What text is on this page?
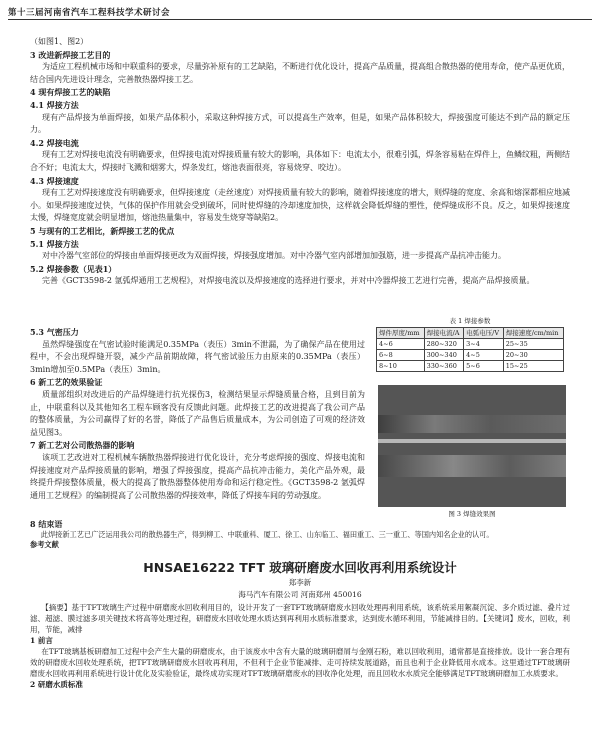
第十三届河南省汽车工程科技学术研讨会

（如图1、图2）

3 改进新焊接工艺目的

为适应工程机械市场和中联重科的要求，尽量弥补原有的工艺缺陷，不断进行优化设计，提高产品质量，提高组合散热器的使用寿命，使产品更优质，结合国内先进设计理念，完善散热器焊接工艺。

4 现有焊接工艺的缺陷

4.1 焊接方法

现有产品焊接为单面焊接，如果产品体积小，采取这种焊接方式，可以提高生产效率，但是，如果产品体积较大，焊接强度可能达不到产品的额定压力。

4.2 焊接电流

现有工艺对焊接电流没有明确要求，但焊接电流对焊接质量有较大的影响，具体如下：电流太小，很难引弧，焊条容易粘在焊件上，鱼鳞纹粗，两侧结合不好；电流太大，焊接时飞溅和烟雾大，焊条发红，熔池表面很亮，容易烧穿、咬边）。

4.3 焊接速度

现有工艺对焊接速度没有明确要求，但焊接速度（走丝速度）对焊接质量有较大的影响，随着焊接速度的增大，则焊缝的宽度、余高和熔深都相应地减小。如果焊接速度过快，气体的保护作用就会受到破坏，同时使焊缝的冷却速度加快，这样就会降低焊缝的塑性，使焊缝成形不良。反之，如果焊接速度太慢，焊缝宽度就会明显增加，熔池热量集中，容易发生烧穿等缺陷2。

5 与现有的工艺相比，新焊接工艺的优点

5.1 焊接方法

对中冷器气室部位的焊接由单面焊接更改为双面焊接，焊接强度增加。对中冷器气室内部增加加强筋，进一步提高产品抗冲击能力。

5.2 焊接参数（见表1）

完善《GCT3598-2 氩弧焊通用工艺规程》，对焊接电流以及焊接速度的选择进行要求，并对中冷器焊接工艺进行完善，提高产品焊接质量。

5.3 气密压力

虽然焊缝强度在气密试验时能满足0.35MPa（表压）3min不泄漏，为了确保产品在使用过程中，不会出现焊缝开裂，减少产品前期故障，将气密试验压力由原来的0.35MPa（表压）3min增加至0.5MPa（表压）3min。

6 新工艺的效果验证

质量部组织对改进后的产品焊缝进行抗光探伤3，检测结果显示焊缝质量合格，且到目前为止，中联重科以及其他知名工程车顾客没有反馈此问题。此焊接工艺的改进提高了我公司产品的整体质量，为公司赢得了好的名誉，降低了产品售后质量成本，为公司创造了可观的经济效益见图3。

7 新工艺对公司散热器的影响

该项工艺改进对工程机械车辆散热器焊接进行优化设计，充分考虑焊接的强度、焊接电流和焊接速度对产品焊接质量的影响，增强了焊接强度，提高产品抗冲击能力，美化产品外观，最终提升焊接整体质量，极大的提高了散热器整体使用寿命和运行稳定性。《GCT3598-2 氩弧焊通用工艺规程》的编制提高了公司散热器的焊接效率，降低了焊接车间的劳动强度。

8 结束语

表 1 焊接参数
焊件厚度/mm	焊接电流/A	电弧电压/V	焊接速度/cm/min
4~6	280~320	3~4	25~35
6~8	300~340	4~5	20~30
8~10	330~360	5~6	15~25
图 3 焊缝效果图
HNSAE16222 TFT 玻璃研磨废水回收再利用系统设计
郑李新
海马汽车有限公司 河南郑州 450016

【摘要】基于TFT玻璃生产过程中研磨废水回收利用目的，设计开发了一套TFT玻璃研磨废水回收处理再利用系统，该系统采用絮凝沉淀、多介质过滤、叠片过滤、超滤、膜过滤多项关键技术将高等处理过程，研磨废水回收处理水质达到再利用水质标准要求，达到废水循环利用，节能减排目的。【关键词】废水，回收，利用，节能，减排

1 前言

在TFT玻璃基板研磨加工过程中会产生大量的研磨废水，由于该废水中含有大量的玻璃研磨屑与金刚石粉，难以回收利用，通常都是直接排放。设计一套合理有效的研磨废水回收处理系统，把TFT玻璃研磨废水回收再利用，不但利于企业节能减排、走可持续发展道路，而且也利于企业降低用水成本。这里通过TFT玻璃研磨废水回收再利用系统进行设计优化及实验验证，最终成功实现对TFT玻璃研磨废水的回收净化处理，而且回收水水质完全能够满足TFT玻璃研磨加工水质要求。

2 研磨水质标准

此焊接新工艺已广泛运用我公司的散热器生产，得到柳工、中联重科、厦工、徐工、山东临工、福田重工、三一重工、等国内知名企业的认可。

参考文献
